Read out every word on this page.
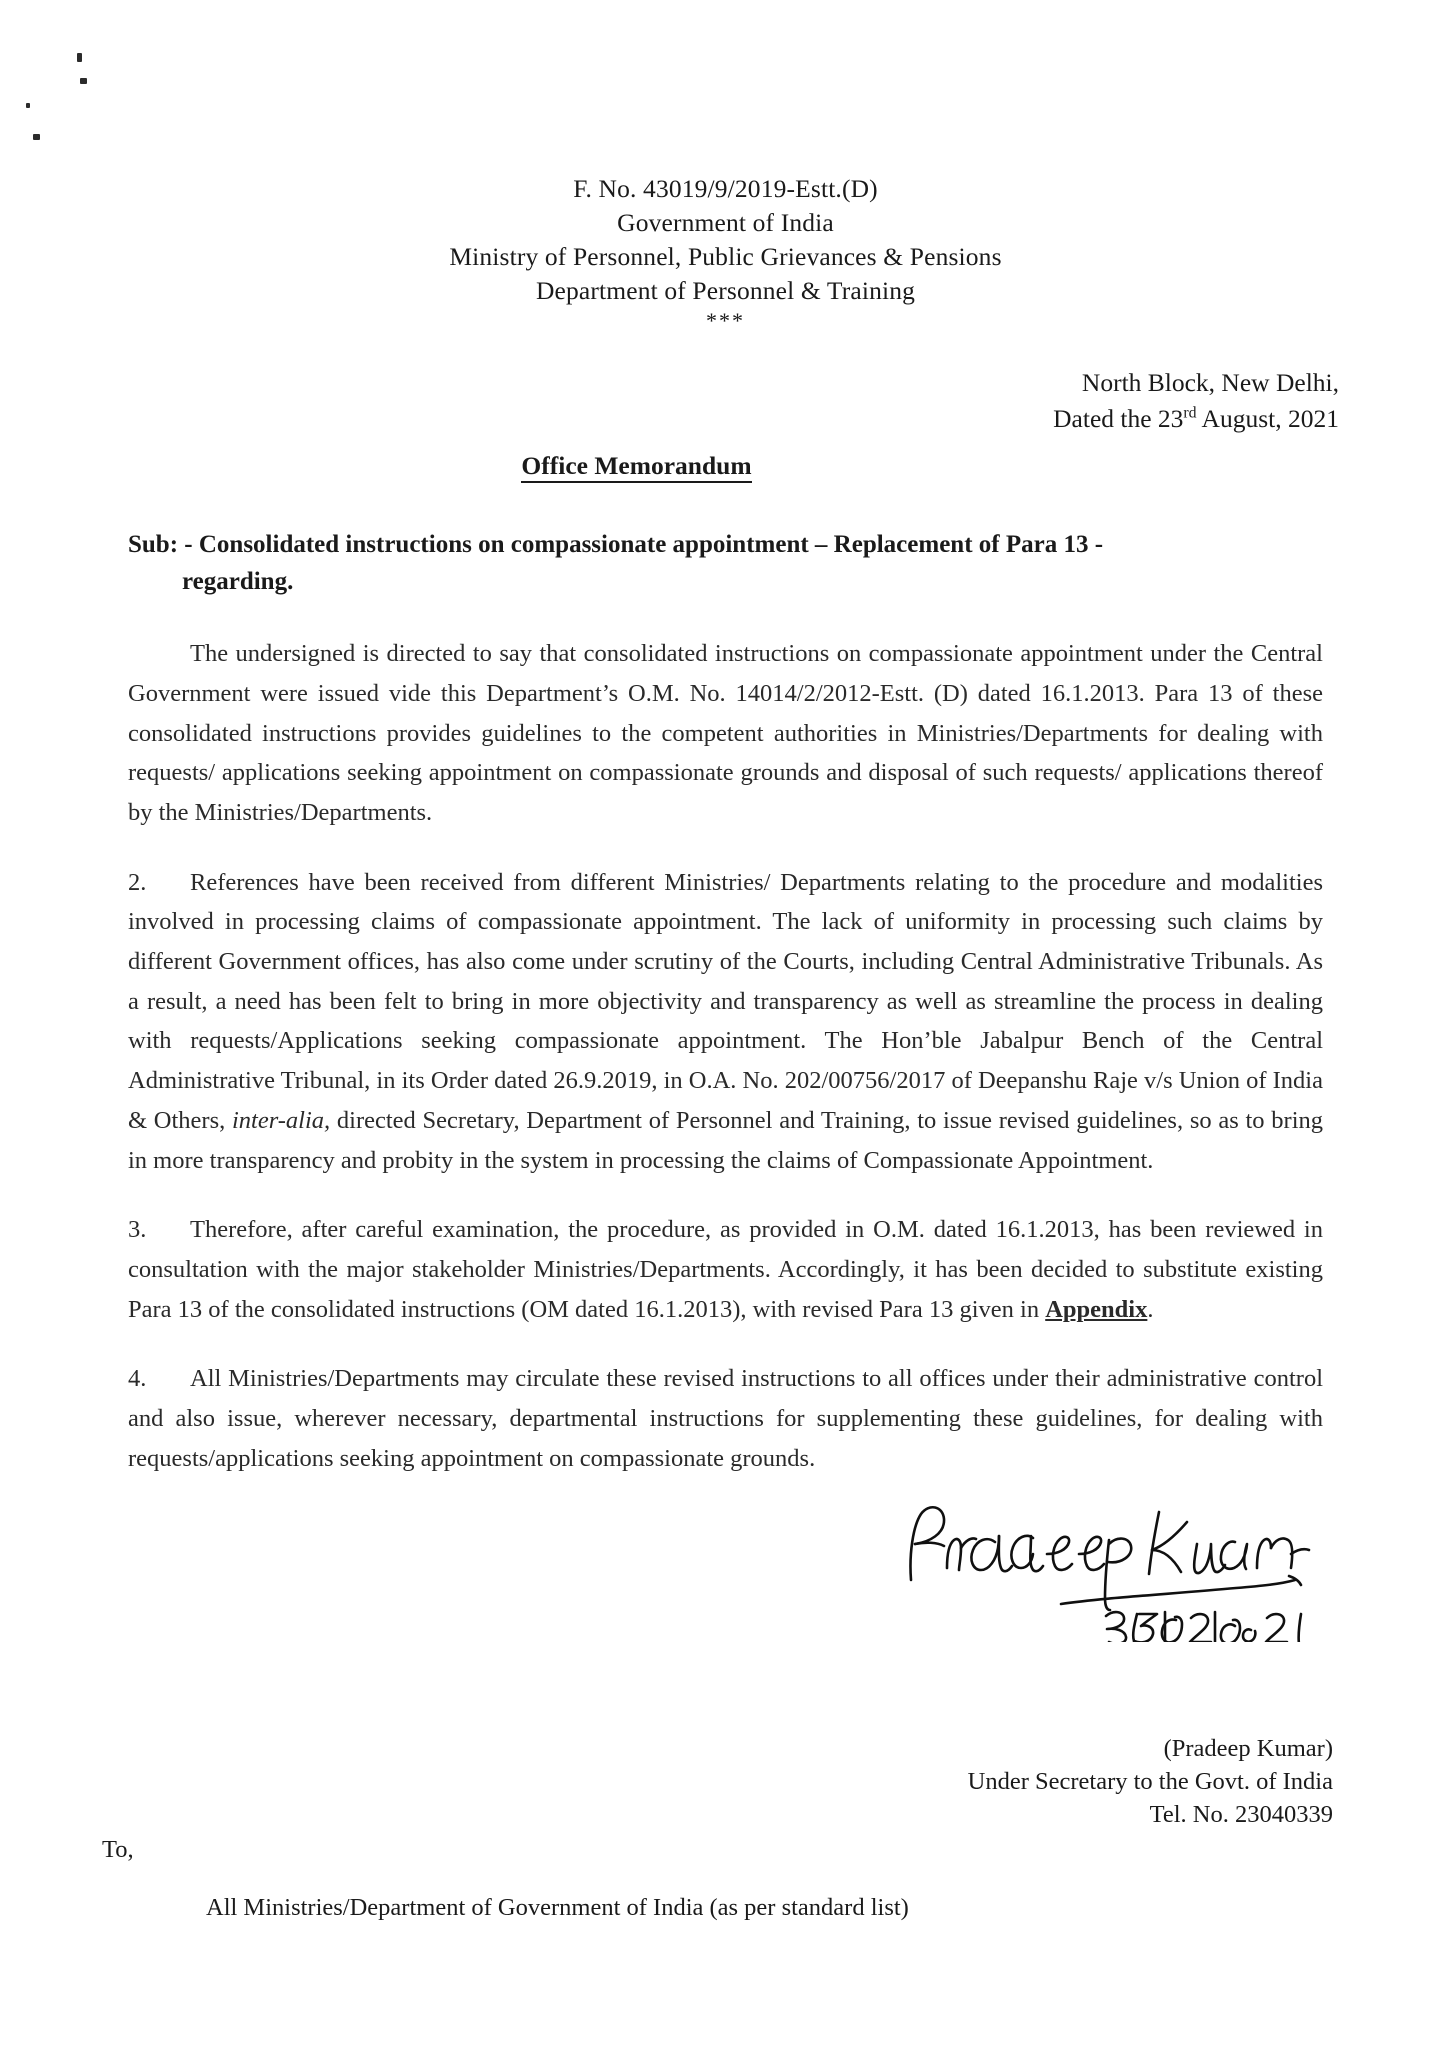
F. No. 43019/9/2019-Estt.(D)
Government of India
Ministry of Personnel, Public Grievances & Pensions
Department of Personnel & Training
***
North Block, New Delhi,
Dated the 23rd August, 2021
Office Memorandum
Sub: - Consolidated instructions on compassionate appointment – Replacement of Para 13 -
regarding.
The undersigned is directed to say that consolidated instructions on compassionate appointment under the Central Government were issued vide this Department’s O.M. No. 14014/2/2012-Estt. (D) dated 16.1.2013. Para 13 of these consolidated instructions provides guidelines to the competent authorities in Ministries/Departments for dealing with requests/ applications seeking appointment on compassionate grounds and disposal of such requests/ applications thereof by the Ministries/Departments.
2. References have been received from different Ministries/ Departments relating to the procedure and modalities involved in processing claims of compassionate appointment. The lack of uniformity in processing such claims by different Government offices, has also come under scrutiny of the Courts, including Central Administrative Tribunals. As a result, a need has been felt to bring in more objectivity and transparency as well as streamline the process in dealing with requests/Applications seeking compassionate appointment. The Hon’ble Jabalpur Bench of the Central Administrative Tribunal, in its Order dated 26.9.2019, in O.A. No. 202/00756/2017 of Deepanshu Raje v/s Union of India & Others, inter-alia, directed Secretary, Department of Personnel and Training, to issue revised guidelines, so as to bring in more transparency and probity in the system in processing the claims of Compassionate Appointment.
3. Therefore, after careful examination, the procedure, as provided in O.M. dated 16.1.2013, has been reviewed in consultation with the major stakeholder Ministries/Departments. Accordingly, it has been decided to substitute existing Para 13 of the consolidated instructions (OM dated 16.1.2013), with revised Para 13 given in Appendix.
4. All Ministries/Departments may circulate these revised instructions to all offices under their administrative control and also issue, wherever necessary, departmental instructions for supplementing these guidelines, for dealing with requests/applications seeking appointment on compassionate grounds.
(Pradeep Kumar)
Under Secretary to the Govt. of India
Tel. No. 23040339
To,
All Ministries/Department of Government of India (as per standard list)
